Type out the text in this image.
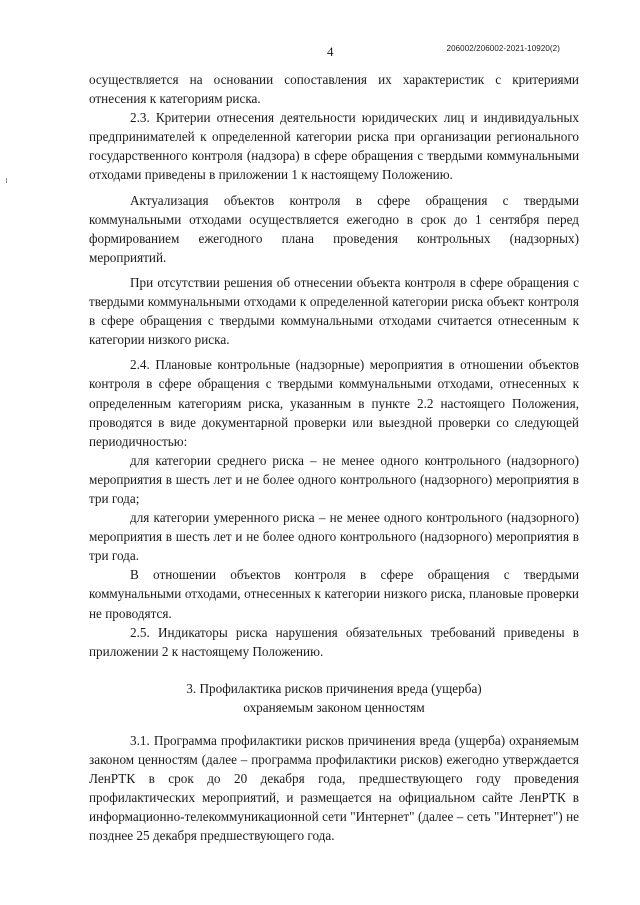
4	206002/206002-2021-10920(2)

осуществляется на основании сопоставления их характеристик с критериями отнесения к категориям риска.

2.3. Критерии отнесения деятельности юридических лиц и индивидуальных предпринимателей к определенной категории риска при организации регионального государственного контроля (надзора) в сфере обращения с твердыми коммунальными отходами приведены в приложении 1 к настоящему Положению.

Актуализация объектов контроля в сфере обращения с твердыми коммунальными отходами осуществляется ежегодно в срок до 1 сентября перед формированием ежегодного плана проведения контрольных (надзорных) мероприятий.

При отсутствии решения об отнесении объекта контроля в сфере обращения с твердыми коммунальными отходами к определенной категории риска объект контроля в сфере обращения с твердыми коммунальными отходами считается отнесенным к категории низкого риска.

2.4. Плановые контрольные (надзорные) мероприятия в отношении объектов контроля в сфере обращения с твердыми коммунальными отходами, отнесенных к определенным категориям риска, указанным в пункте 2.2 настоящего Положения, проводятся в виде документарной проверки или выездной проверки со следующей периодичностью:

для категории среднего риска – не менее одного контрольного (надзорного) мероприятия в шесть лет и не более одного контрольного (надзорного) мероприятия в три года;

для категории умеренного риска – не менее одного контрольного (надзорного) мероприятия в шесть лет и не более одного контрольного (надзорного) мероприятия в три года.

В отношении объектов контроля в сфере обращения с твердыми коммунальными отходами, отнесенных к категории низкого риска, плановые проверки не проводятся.

2.5. Индикаторы риска нарушения обязательных требований приведены в приложении 2 к настоящему Положению.

3. Профилактика рисков причинения вреда (ущерба)
охраняемым законом ценностям

3.1. Программа профилактики рисков причинения вреда (ущерба) охраняемым законом ценностям (далее – программа профилактики рисков) ежегодно утверждается ЛенРТК в срок до 20 декабря года, предшествующего году проведения профилактических мероприятий, и размещается на официальном сайте ЛенРТК в информационно-телекоммуникационной сети "Интернет" (далее – сеть "Интернет") не позднее 25 декабря предшествующего года.
